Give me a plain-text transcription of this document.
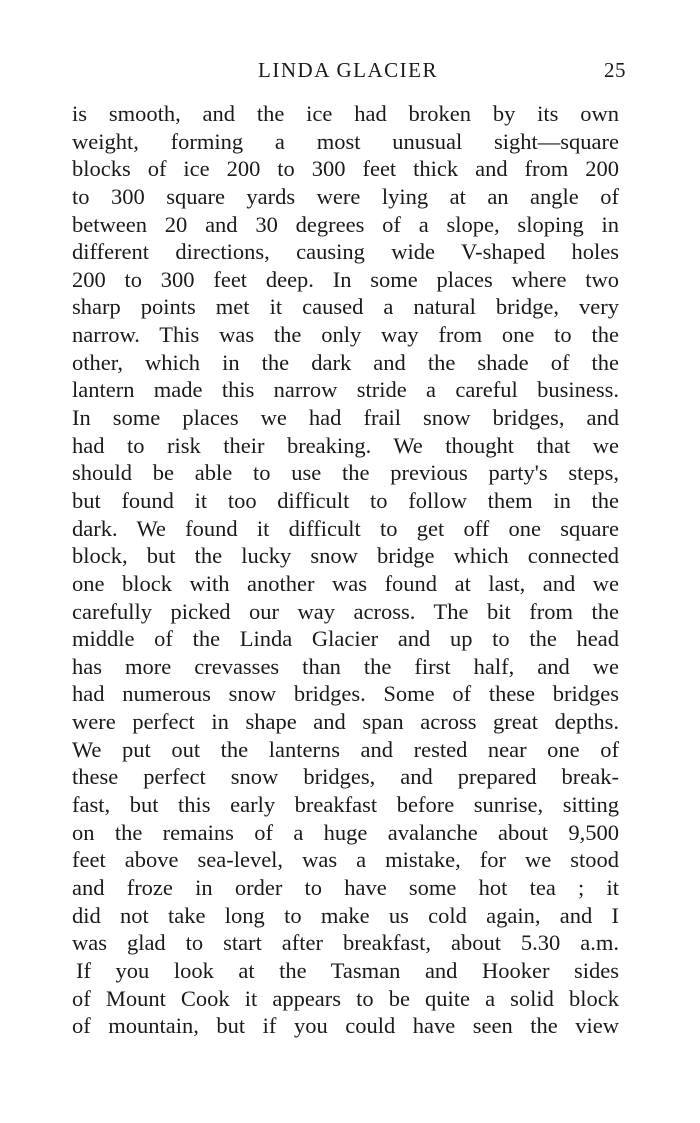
LINDA GLACIER	25
is smooth, and the ice had broken by its own
weight, forming a most unusual sight—square
blocks of ice 200 to 300 feet thick and from 200
to 300 square yards were lying at an angle of
between 20 and 30 degrees of a slope, sloping in
different directions, causing wide V-shaped holes
200 to 300 feet deep. In some places where two
sharp points met it caused a natural bridge, very
narrow. This was the only way from one to the
other, which in the dark and the shade of the
lantern made this narrow stride a careful business.
In some places we had frail snow bridges, and
had to risk their breaking. We thought that we
should be able to use the previous party's steps,
but found it too difficult to follow them in the
dark. We found it difficult to get off one square
block, but the lucky snow bridge which connected
one block with another was found at last, and we
carefully picked our way across. The bit from the
middle of the Linda Glacier and up to the head
has more crevasses than the first half, and we
had numerous snow bridges. Some of these bridges
were perfect in shape and span across great depths.
We put out the lanterns and rested near one of
these perfect snow bridges, and prepared break-
fast, but this early breakfast before sunrise, sitting
on the remains of a huge avalanche about 9,500
feet above sea-level, was a mistake, for we stood
and froze in order to have some hot tea ; it
did not take long to make us cold again, and I
was glad to start after breakfast, about 5.30 a.m.
If you look at the Tasman and Hooker sides
of Mount Cook it appears to be quite a solid block
of mountain, but if you could have seen the view
